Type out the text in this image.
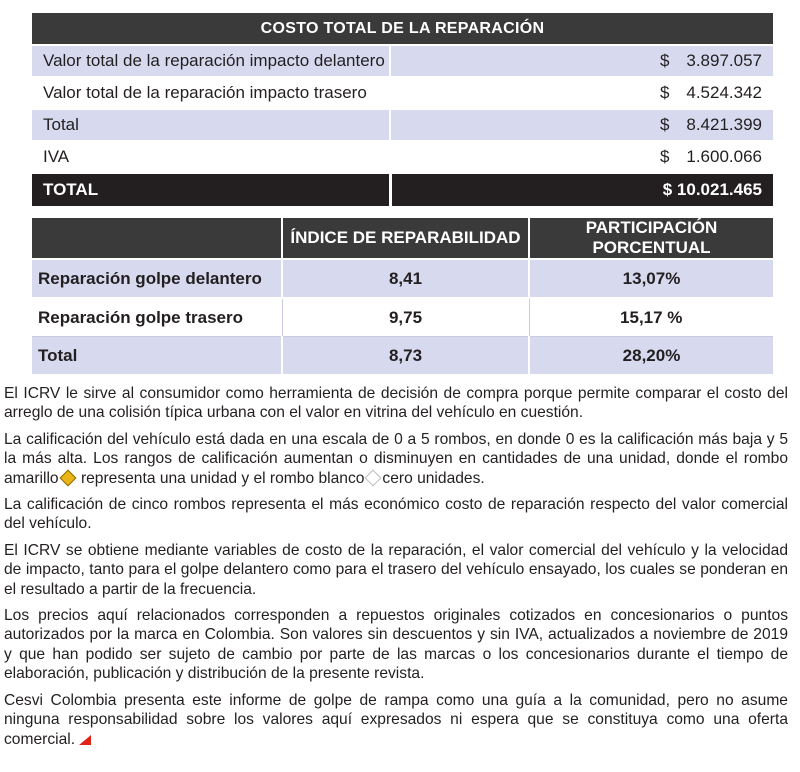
COSTO TOTAL DE LA REPARACIÓN	
Valor total de la reparación impacto delantero	$ 3.897.057
Valor total de la reparación impacto trasero	$ 4.524.342
Total	$ 8.421.399
IVA	$ 1.600.066
TOTAL	$ 10.021.465
	ÍNDICE DE REPARABILIDAD	PARTICIPACIÓN PORCENTUAL
Reparación golpe delantero	8,41	13,07%
Reparación golpe trasero	9,75	15,17 %
Total	8,73	28,20%

El ICRV le sirve al consumidor como herramienta de decisión de compra porque permite comparar el costo del arreglo de una colisión típica urbana con el valor en vitrina del vehículo en cuestión.

La calificación del vehículo está dada en una escala de 0 a 5 rombos, en donde 0 es la calificación más baja y 5 la más alta. Los rangos de calificación aumentan o disminuyen en cantidades de una unidad, donde el rombo amarillo representa una unidad y el rombo blanco cero unidades.

La calificación de cinco rombos representa el más económico costo de reparación respecto del valor comercial del vehículo.

El ICRV se obtiene mediante variables de costo de la reparación, el valor comercial del vehículo y la velocidad de impacto, tanto para el golpe delantero como para el trasero del vehículo ensayado, los cuales se ponderan en el resultado a partir de la frecuencia.

Los precios aquí relacionados corresponden a repuestos originales cotizados en concesionarios o puntos autorizados por la marca en Colombia. Son valores sin descuentos y sin IVA, actualizados a noviembre de 2019 y que han podido ser sujeto de cambio por parte de las marcas o los concesionarios durante el tiempo de elaboración, publicación y distribución de la presente revista.

Cesvi Colombia presenta este informe de golpe de rampa como una guía a la comunidad, pero no asume ninguna responsabilidad sobre los valores aquí expresados ni espera que se constituya como una oferta comercial.
